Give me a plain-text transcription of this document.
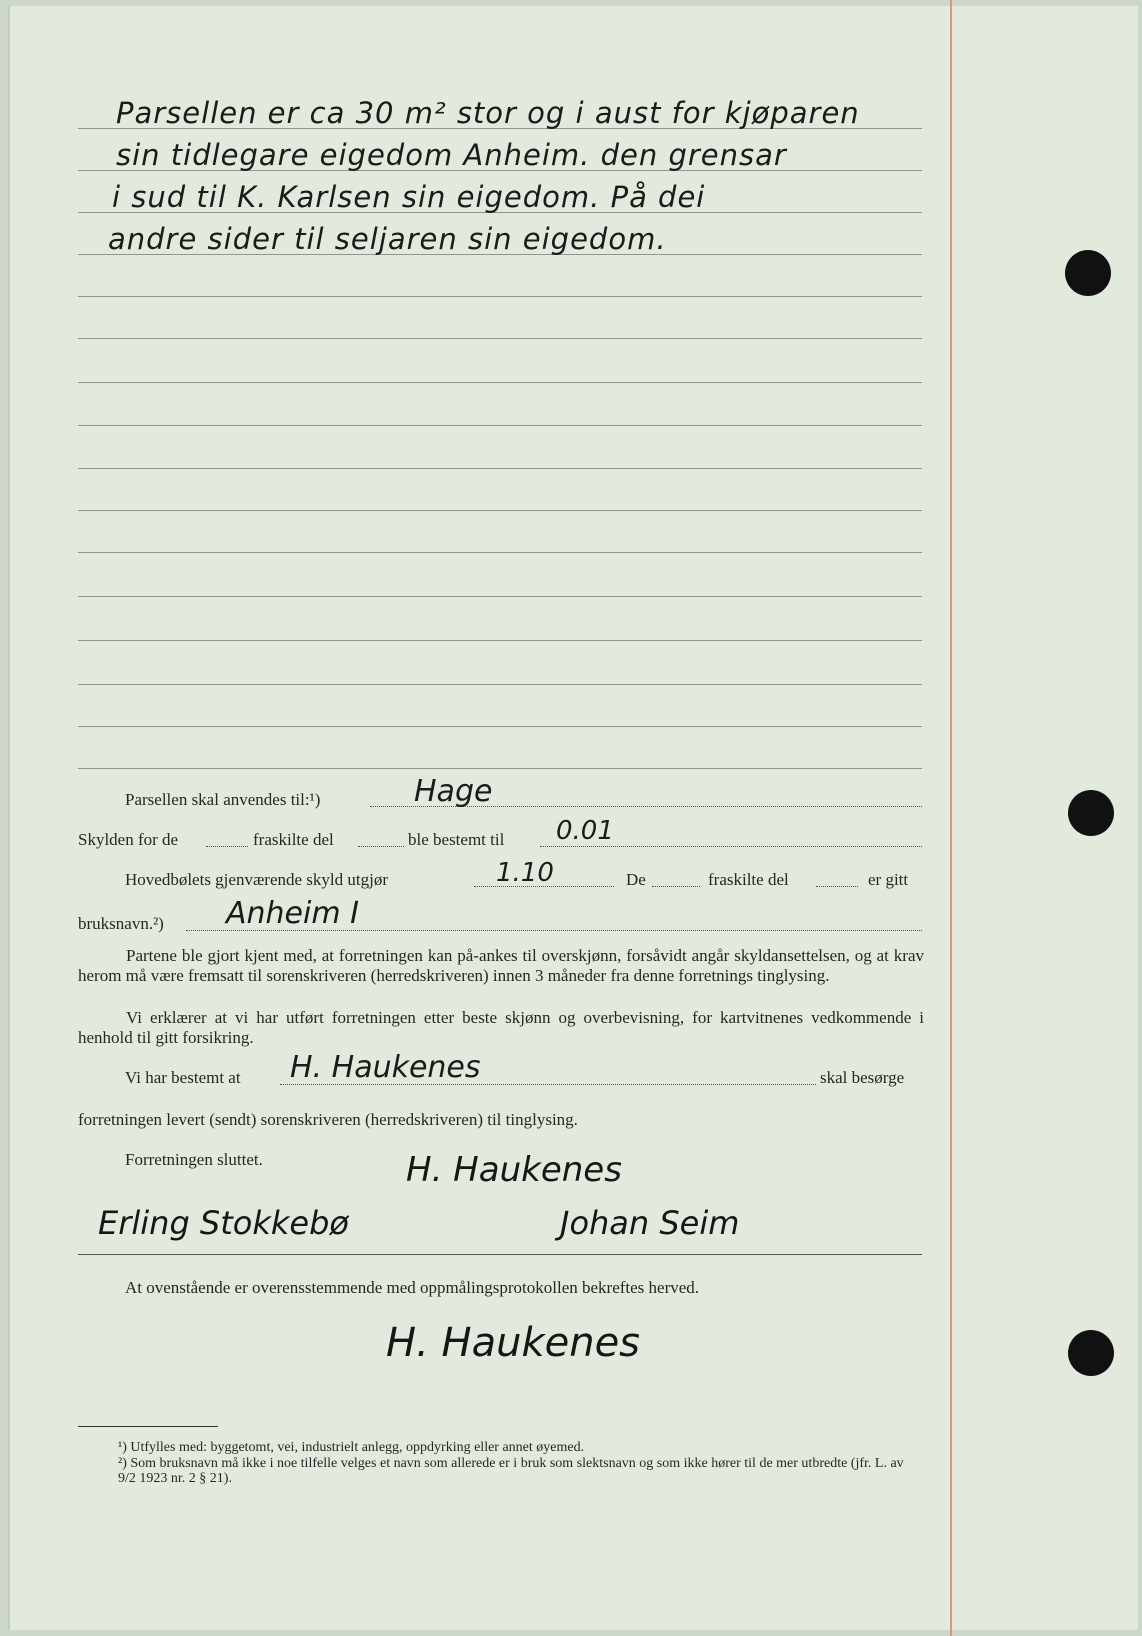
Parsellen er ca 30 m² stor og i aust for kjøparen
sin tidlegare eigedom Anheim. den grensar
i sud til K. Karlsen sin eigedom. På dei
andre sider til seljaren sin eigedom.
Parsellen skal anvendes til:¹)	Hage
Skylden for de	fraskilte del	ble bestemt til 0.01
Hovedbølets gjenværende skyld utgjør	1.10	De	fraskilte del	er gitt
bruksnavn.²) Anheim I
Partene ble gjort kjent med, at forretningen kan på-ankes til overskjønn, forsåvidt angår skyldansettelsen, og at krav herom må være fremsatt til sorenskriveren (herredskriveren) innen 3 måneder fra denne forretnings tinglysing.
Vi erklærer at vi har utført forretningen etter beste skjønn og overbevisning, for kartvitnenes vedkommende i henhold til gitt forsikring.
Vi har bestemt at H. Haukenes	skal besørge
forretningen levert (sendt) sorenskriveren (herredskriveren) til tinglysing.
Forretningen sluttet.	H. Haukenes
Erling Stokkebø	Johan Seim
At ovenstående er overensstemmende med oppmålingsprotokollen bekreftes herved.
H. Haukenes
¹) Utfylles med: byggetomt, vei, industrielt anlegg, oppdyrking eller annet øyemed.
²) Som bruksnavn må ikke i noe tilfelle velges et navn som allerede er i bruk som slektsnavn og som ikke hører til de mer utbredte (jfr. L. av 9/2 1923 nr. 2 § 21).
